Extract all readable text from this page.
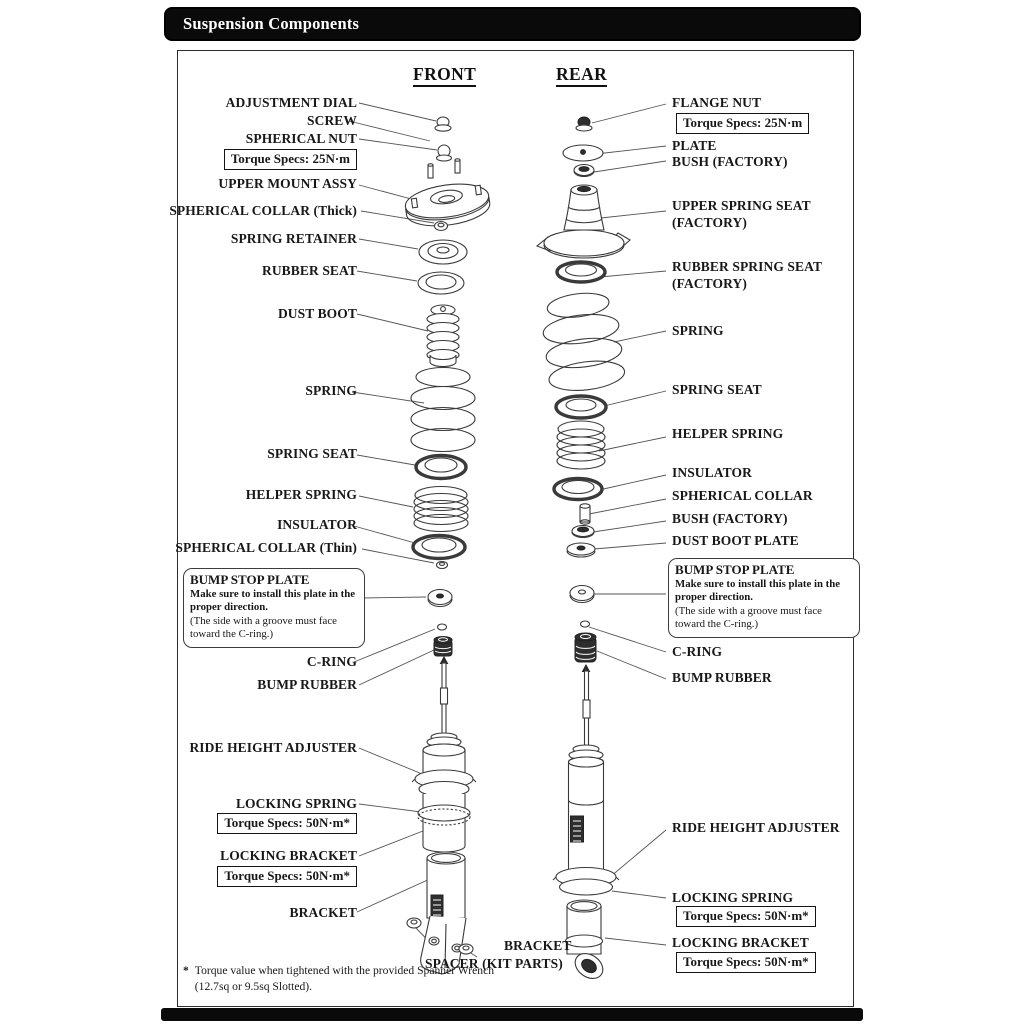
Suspension Components
FRONT	REAR
ADJUSTMENT DIAL
SCREW
SPHERICAL NUT
Torque Specs: 25N·m
UPPER MOUNT ASSY
SPHERICAL COLLAR (Thick)
SPRING RETAINER
RUBBER SEAT
DUST BOOT
SPRING
SPRING SEAT
HELPER SPRING
INSULATOR
SPHERICAL COLLAR (Thin)
BUMP STOP PLATE
Make sure to install this plate in the proper direction.
(The side with a groove must face toward the C-ring.)
C-RING
BUMP RUBBER
RIDE HEIGHT ADJUSTER
LOCKING SPRING
Torque Specs: 50N·m*
LOCKING BRACKET
Torque Specs: 50N·m*
BRACKET
SPACER (KIT PARTS)
FLANGE NUT
Torque Specs: 25N·m
PLATE
BUSH (FACTORY)
UPPER SPRING SEAT (FACTORY)
RUBBER SPRING SEAT (FACTORY)
SPRING
SPRING SEAT
HELPER SPRING
INSULATOR
SPHERICAL COLLAR
BUSH (FACTORY)
DUST BOOT PLATE
BUMP STOP PLATE
Make sure to install this plate in the proper direction.
(The side with a groove must face toward the C-ring.)
C-RING
BUMP RUBBER
RIDE HEIGHT ADJUSTER
LOCKING SPRING
Torque Specs: 50N·m*
LOCKING BRACKET
Torque Specs: 50N·m*
BRACKET
* Torque value when tightened with the provided Spanner Wrench (12.7sq or 9.5sq Slotted).
